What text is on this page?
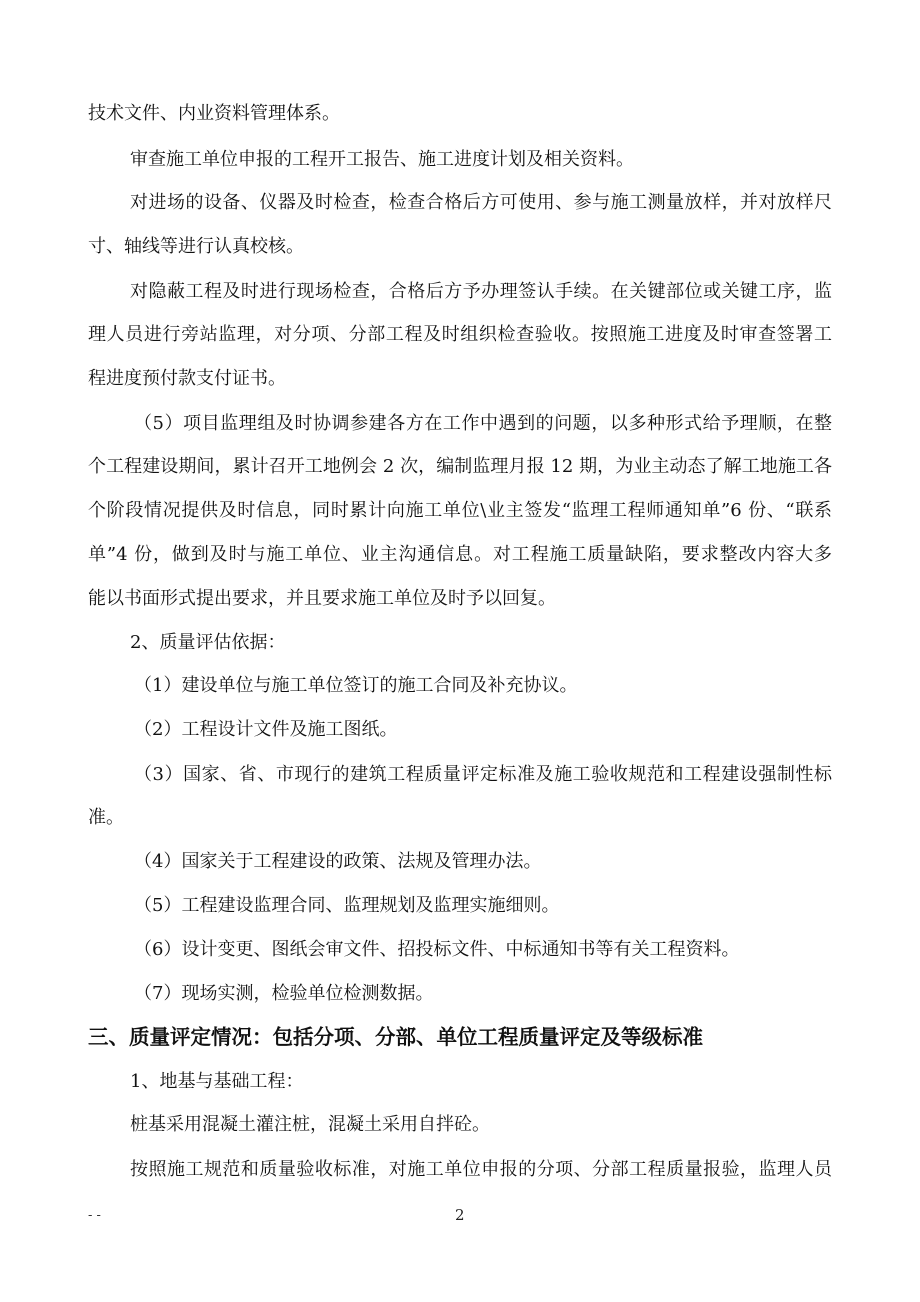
技术文件、内业资料管理体系。
审查施工单位申报的工程开工报告、施工进度计划及相关资料。
对进场的设备、仪器及时检查，检查合格后方可使用、参与施工测量放样，并对放样尺
寸、轴线等进行认真校核。
对隐蔽工程及时进行现场检查，合格后方予办理签认手续。在关键部位或关键工序，监
理人员进行旁站监理，对分项、分部工程及时组织检查验收。按照施工进度及时审查签署工
程进度预付款支付证书。
（5）项目监理组及时协调参建各方在工作中遇到的问题，以多种形式给予理顺，在整
个工程建设期间，累计召开工地例会 2 次，编制监理月报 12 期，为业主动态了解工地施工各
个阶段情况提供及时信息，同时累计向施工单位\业主签发“监理工程师通知单”6 份、“联系
单”4 份，做到及时与施工单位、业主沟通信息。对工程施工质量缺陷，要求整改内容大多
能以书面形式提出要求，并且要求施工单位及时予以回复。
2、质量评估依据：
（1）建设单位与施工单位签订的施工合同及补充协议。
（2）工程设计文件及施工图纸。
（3）国家、省、市现行的建筑工程质量评定标准及施工验收规范和工程建设强制性标
准。
（4）国家关于工程建设的政策、法规及管理办法。
（5）工程建设监理合同、监理规划及监理实施细则。
（6）设计变更、图纸会审文件、招投标文件、中标通知书等有关工程资料。
（7）现场实测，检验单位检测数据。
三、质量评定情况：包括分项、分部、单位工程质量评定及等级标准
1、地基与基础工程：
桩基采用混凝土灌注桩，混凝土采用自拌砼。
按照施工规范和质量验收标准，对施工单位申报的分项、分部工程质量报验，监理人员
- -	2
